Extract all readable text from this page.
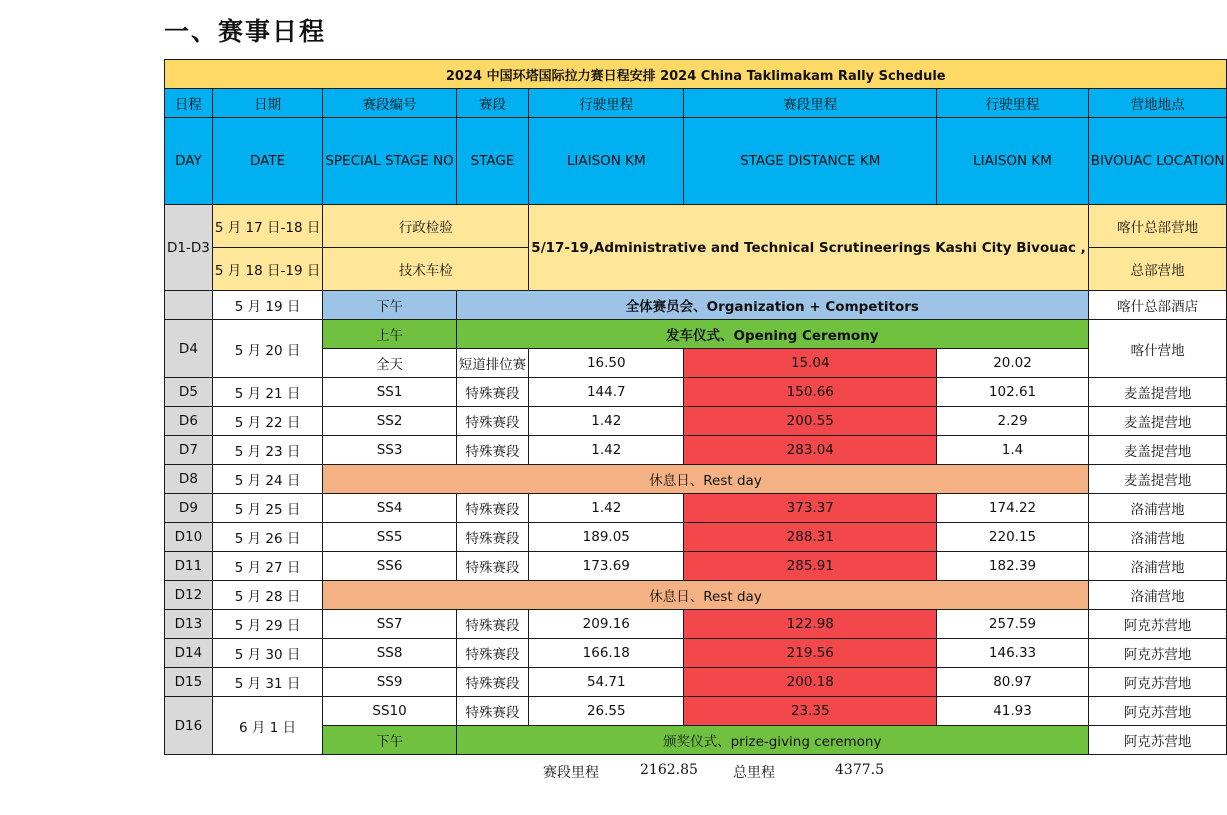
一、赛事日程
2024 中国环塔国际拉力赛日程安排 2024 China Taklimakam Rally Schedule							
日程	日期	赛段编号	赛段	行驶里程	赛段里程	行驶里程	营地地点
DAY	DATE	SPECIAL STAGE NO	STAGE	LIAISON KM	STAGE DISTANCE KM	LIAISON KM	BIVOUAC LOCATION
D1-D3	5 月 17 日-18 日	行政检验		5/17-19,Administrative and Technical Scrutineerings Kashi City Bivouac ,			喀什总部营地
	5 月 18 日-19 日	技术车检					总部营地
	5 月 19 日	下午	全体赛员会、Organization + Competitors				喀什总部酒店
D4	5 月 20 日	上午	发车仪式、Opening Ceremony				喀什营地
		全天	短道排位赛	16.50	15.04	20.02	
D5	5 月 21 日	SS1	特殊赛段	144.7	150.66	102.61	麦盖提营地
D6	5 月 22 日	SS2	特殊赛段	1.42	200.55	2.29	麦盖提营地
D7	5 月 23 日	SS3	特殊赛段	1.42	283.04	1.4	麦盖提营地
D8	5 月 24 日	休息日、Rest day					麦盖提营地
D9	5 月 25 日	SS4	特殊赛段	1.42	373.37	174.22	洛浦营地
D10	5 月 26 日	SS5	特殊赛段	189.05	288.31	220.15	洛浦营地
D11	5 月 27 日	SS6	特殊赛段	173.69	285.91	182.39	洛浦营地
D12	5 月 28 日	休息日、Rest day					洛浦营地
D13	5 月 29 日	SS7	特殊赛段	209.16	122.98	257.59	阿克苏营地
D14	5 月 30 日	SS8	特殊赛段	166.18	219.56	146.33	阿克苏营地
D15	5 月 31 日	SS9	特殊赛段	54.71	200.18	80.97	阿克苏营地
D16	6 月 1 日	SS10	特殊赛段	26.55	23.35	41.93	阿克苏营地
		下午	颁奖仪式、prize-giving ceremony				阿克苏营地
赛段里程	2162.85	总里程	4377.5
